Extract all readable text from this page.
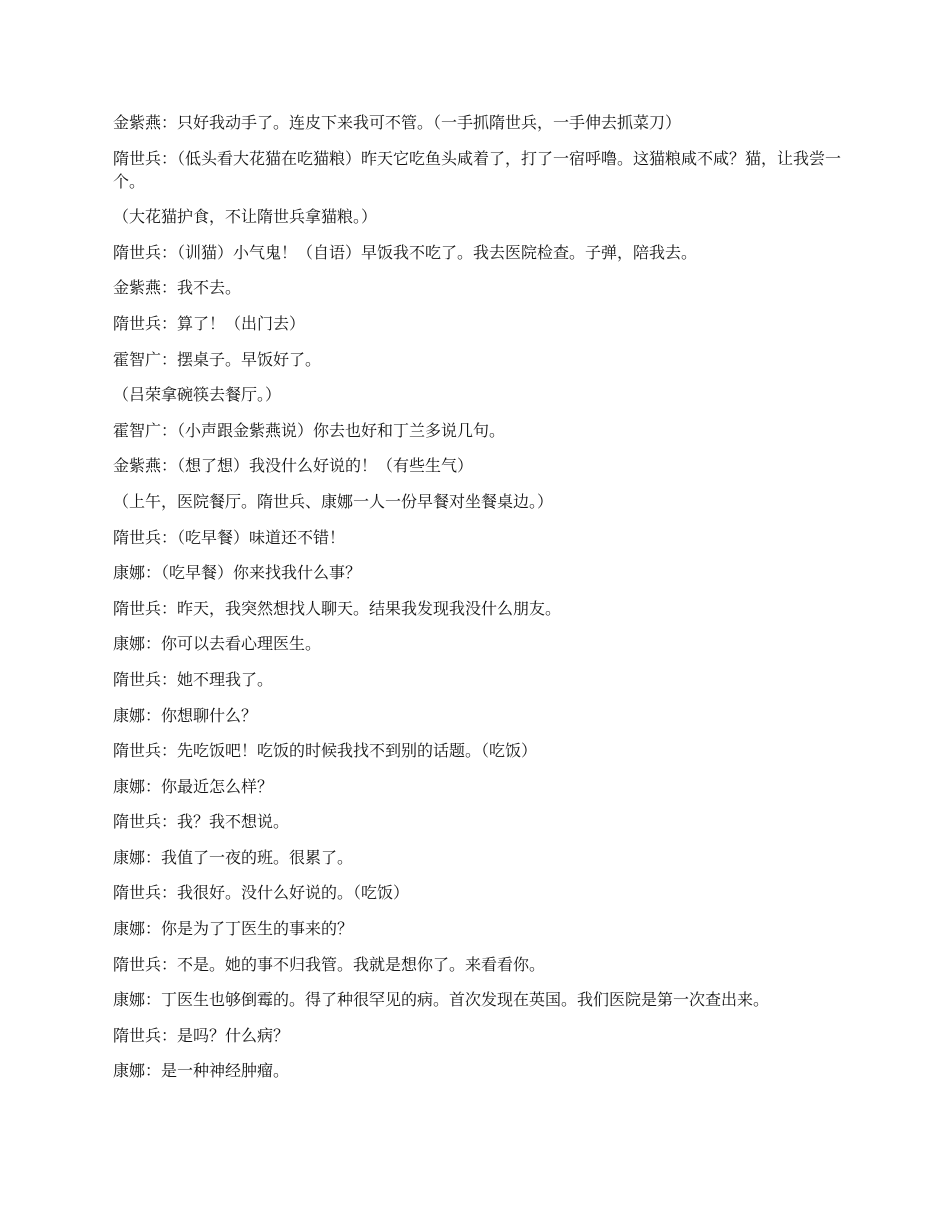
金紫燕：只好我动手了。连皮下来我可不管。（一手抓隋世兵，一手伸去抓菜刀）

隋世兵：（低头看大花猫在吃猫粮）昨天它吃鱼头咸着了，打了一宿呼噜。这猫粮咸不咸？猫，让我尝一个。

（大花猫护食，不让隋世兵拿猫粮。）

隋世兵：（训猫）小气鬼！（自语）早饭我不吃了。我去医院检查。子弹，陪我去。

金紫燕：我不去。

隋世兵：算了！（出门去）

霍智广：摆桌子。早饭好了。

（吕荣拿碗筷去餐厅。）

霍智广：（小声跟金紫燕说）你去也好和丁兰多说几句。

金紫燕：（想了想）我没什么好说的！（有些生气）

（上午，医院餐厅。隋世兵、康娜一人一份早餐对坐餐桌边。）

隋世兵：（吃早餐）味道还不错！

康娜：（吃早餐）你来找我什么事？

隋世兵：昨天，我突然想找人聊天。结果我发现我没什么朋友。

康娜：你可以去看心理医生。

隋世兵：她不理我了。

康娜：你想聊什么？

隋世兵：先吃饭吧！吃饭的时候我找不到别的话题。（吃饭）

康娜：你最近怎么样？

隋世兵：我？我不想说。

康娜：我值了一夜的班。很累了。

隋世兵：我很好。没什么好说的。（吃饭）

康娜：你是为了丁医生的事来的？

隋世兵：不是。她的事不归我管。我就是想你了。来看看你。

康娜：丁医生也够倒霉的。得了种很罕见的病。首次发现在英国。我们医院是第一次查出来。

隋世兵：是吗？什么病？

康娜：是一种神经肿瘤。
